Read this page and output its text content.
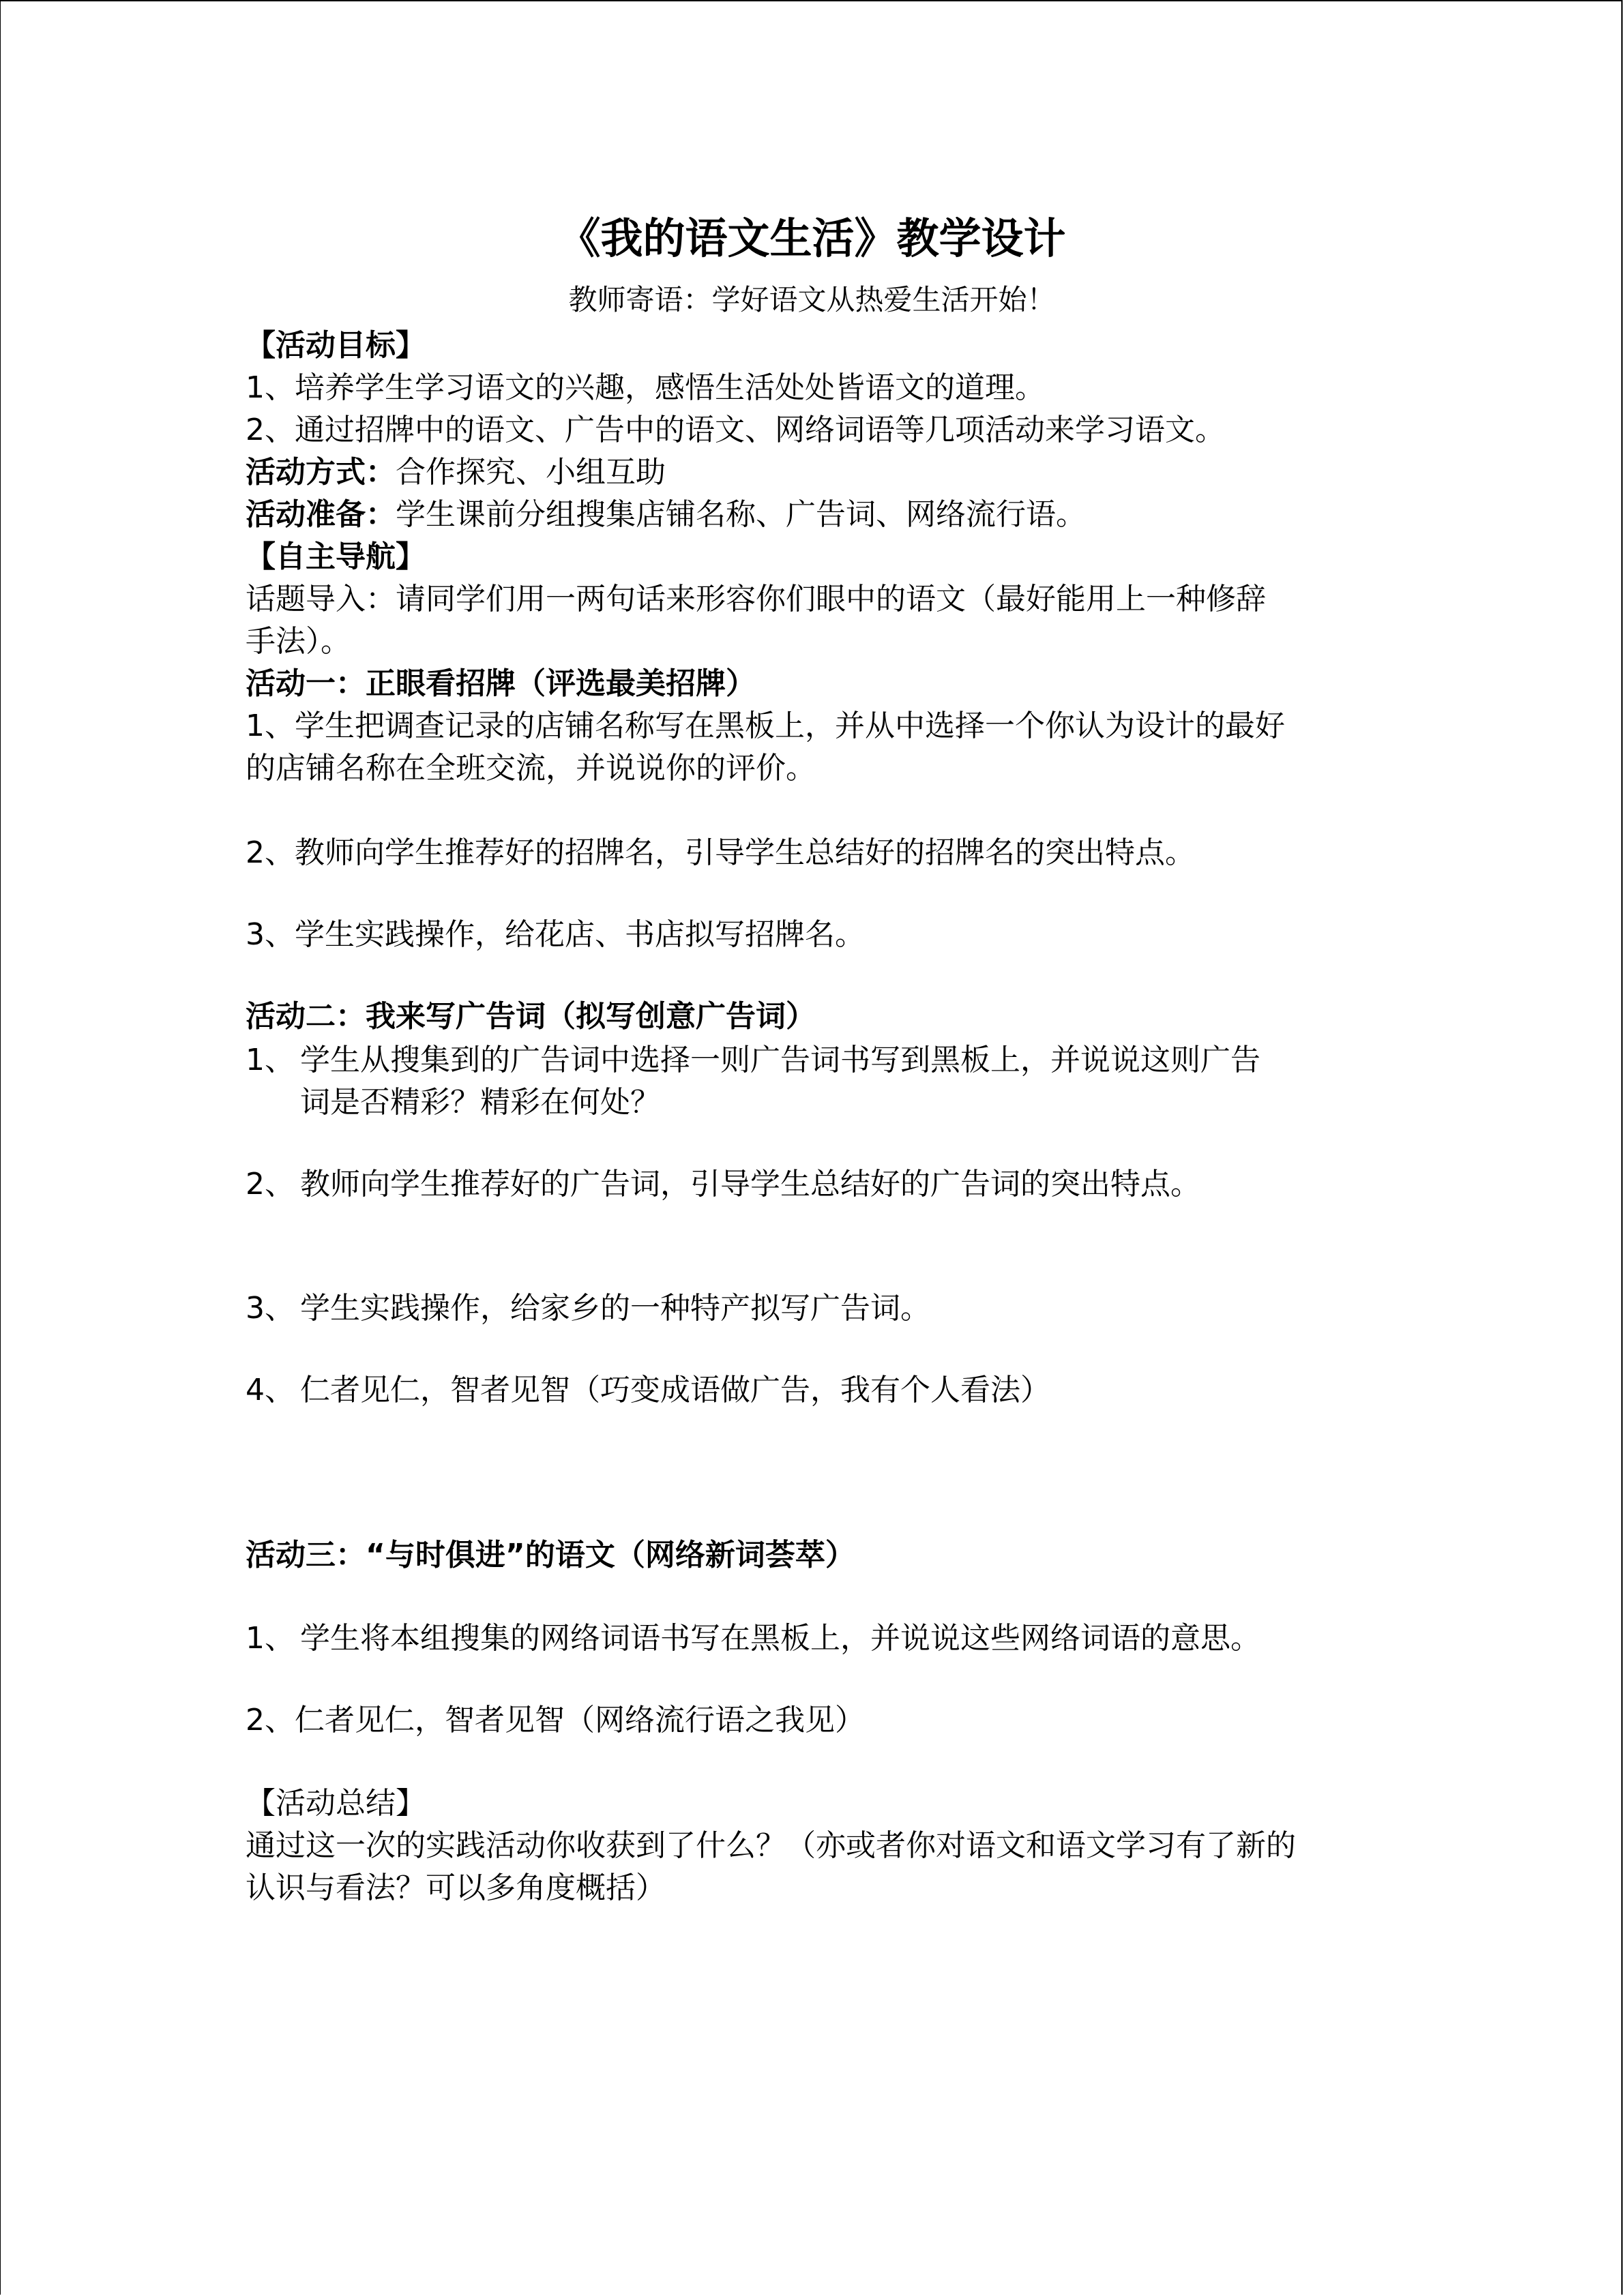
《我的语文生活》教学设计
教师寄语：学好语文从热爱生活开始！
【活动目标】
1、培养学生学习语文的兴趣，感悟生活处处皆语文的道理。
2、通过招牌中的语文、广告中的语文、网络词语等几项活动来学习语文。
活动方式：合作探究、小组互助
活动准备：学生课前分组搜集店铺名称、广告词、网络流行语。
【自主导航】
话题导入：请同学们用一两句话来形容你们眼中的语文（最好能用上一种修辞
手法）。
活动一：正眼看招牌（评选最美招牌）
1、学生把调查记录的店铺名称写在黑板上，并从中选择一个你认为设计的最好
的店铺名称在全班交流，并说说你的评价。
2、教师向学生推荐好的招牌名，引导学生总结好的招牌名的突出特点。
3、学生实践操作，给花店、书店拟写招牌名。
活动二：我来写广告词（拟写创意广告词）
1、 学生从搜集到的广告词中选择一则广告词书写到黑板上，并说说这则广告
词是否精彩？精彩在何处？
2、 教师向学生推荐好的广告词，引导学生总结好的广告词的突出特点。
3、 学生实践操作，给家乡的一种特产拟写广告词。
4、 仁者见仁，智者见智（巧变成语做广告，我有个人看法）
活动三：“与时俱进”的语文（网络新词荟萃）
1、 学生将本组搜集的网络词语书写在黑板上，并说说这些网络词语的意思。
2、仁者见仁，智者见智（网络流行语之我见）
【活动总结】
通过这一次的实践活动你收获到了什么？（亦或者你对语文和语文学习有了新的
认识与看法？可以多角度概括）
